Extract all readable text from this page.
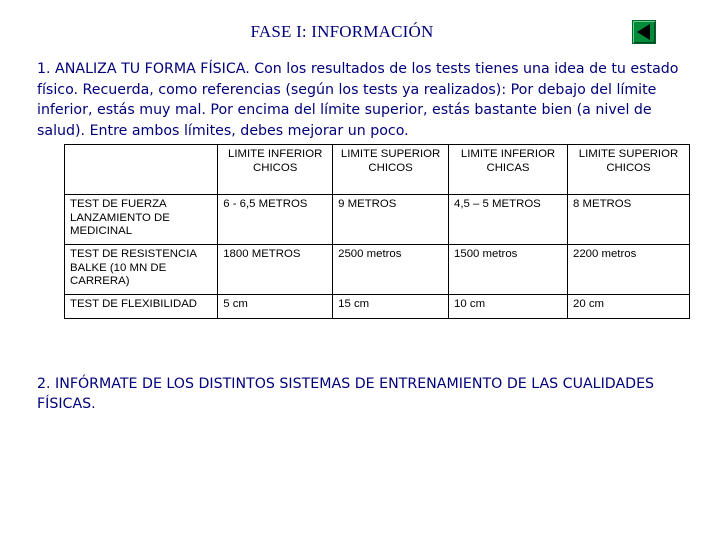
FASE I: INFORMACIÓN

1. ANALIZA TU FORMA FÍSICA. Con los resultados de los tests tienes una idea de tu estado físico. Recuerda, como referencias (según los tests ya realizados): Por debajo del límite inferior, estás muy mal. Por encima del límite superior, estás bastante bien (a nivel de salud). Entre ambos límites, debes mejorar un poco.

	LIMITE INFERIOR CHICOS	LIMITE SUPERIOR CHICOS	LIMITE INFERIOR CHICAS	LIMITE SUPERIOR CHICOS
TEST DE FUERZA LANZAMIENTO DE MEDICINAL	6 - 6,5 METROS	9 METROS	4,5 – 5 METROS	8 METROS
TEST DE RESISTENCIA BALKE (10 MN DE CARRERA)	1800 METROS	2500 metros	1500 metros	2200 metros
TEST DE FLEXIBILIDAD	5 cm	15 cm	10 cm	20 cm

2. INFÓRMATE DE LOS DISTINTOS SISTEMAS DE ENTRENAMIENTO DE LAS CUALIDADES FÍSICAS.
